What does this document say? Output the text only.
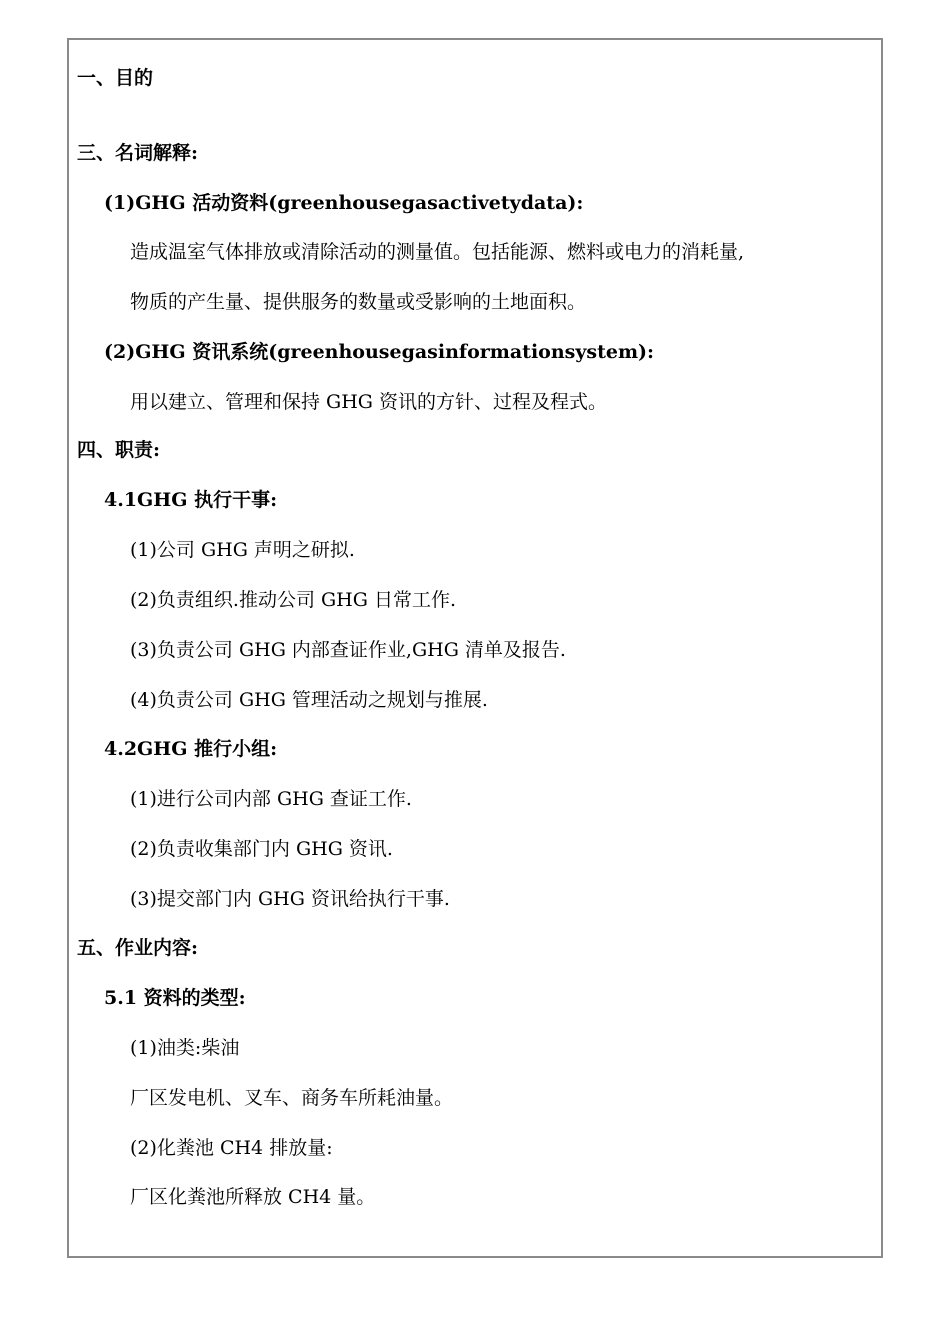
一、目的
三、名词解释:
(1)GHG 活动资料(greenhousegasactivetydata):
造成温室气体排放或清除活动的测量值。包括能源、燃料或电力的消耗量,
物质的产生量、提供服务的数量或受影响的土地面积。
(2)GHG 资讯系统(greenhousegasinformationsystem):
用以建立、管理和保持 GHG 资讯的方针、过程及程式。
四、职责:
4.1GHG 执行干事:
(1)公司 GHG 声明之研拟.
(2)负责组织.推动公司 GHG 日常工作.
(3)负责公司 GHG 内部查证作业,GHG 清单及报告.
(4)负责公司 GHG 管理活动之规划与推展.
4.2GHG 推行小组:
(1)进行公司内部 GHG 查证工作.
(2)负责收集部门内 GHG 资讯.
(3)提交部门内 GHG 资讯给执行干事.
五、作业内容:
5.1 资料的类型:
(1)油类:柴油
厂区发电机、叉车、商务车所耗油量。
(2)化粪池 CH4 排放量:
厂区化粪池所释放 CH4 量。
